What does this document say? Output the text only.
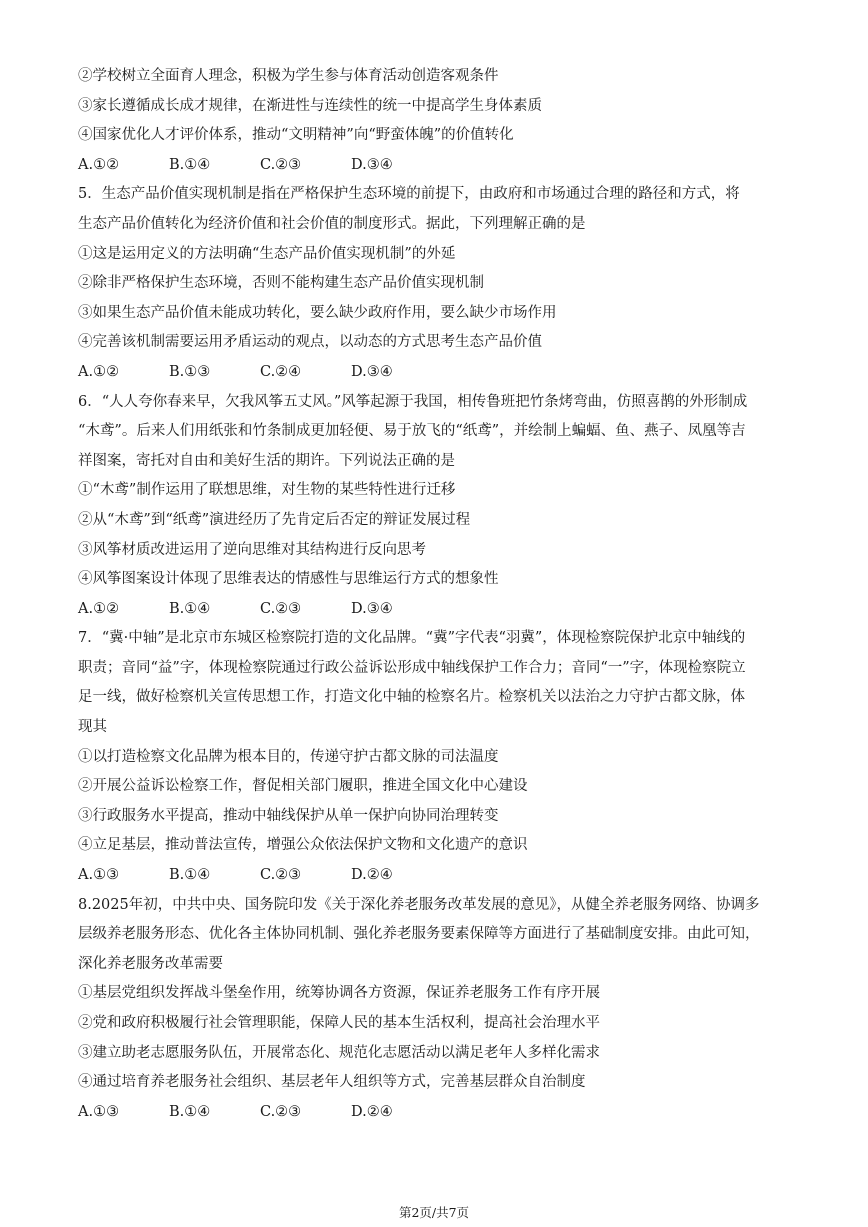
②学校树立全面育人理念，积极为学生参与体育活动创造客观条件
③家长遵循成长成才规律，在渐进性与连续性的统一中提高学生身体素质
④国家优化人才评价体系，推动“文明精神”向“野蛮体魄”的价值转化
A.①②	B.①④	C.②③	D.③④
5．生态产品价值实现机制是指在严格保护生态环境的前提下，由政府和市场通过合理的路径和方式，将
生态产品价值转化为经济价值和社会价值的制度形式。据此，下列理解正确的是
①这是运用定义的方法明确“生态产品价值实现机制”的外延
②除非严格保护生态环境，否则不能构建生态产品价值实现机制
③如果生态产品价值未能成功转化，要么缺少政府作用，要么缺少市场作用
④完善该机制需要运用矛盾运动的观点，以动态的方式思考生态产品价值
A.①②	B.①③	C.②④	D.③④
6．“人人夸你春来早，欠我风筝五丈风。”风筝起源于我国，相传鲁班把竹条烤弯曲，仿照喜鹊的外形制成
“木鸢”。后来人们用纸张和竹条制成更加轻便、易于放飞的“纸鸢”，并绘制上蝙蝠、鱼、燕子、凤凰等吉
祥图案，寄托对自由和美好生活的期许。下列说法正确的是
①“木鸢”制作运用了联想思维，对生物的某些特性进行迁移
②从“木鸢”到“纸鸢”演进经历了先肯定后否定的辩证发展过程
③风筝材质改进运用了逆向思维对其结构进行反向思考
④风筝图案设计体现了思维表达的情感性与思维运行方式的想象性
A.①②	B.①④	C.②③	D.③④
7．“冀·中轴”是北京市东城区检察院打造的文化品牌。“冀”字代表“羽冀”，体现检察院保护北京中轴线的
职责；音同“益”字，体现检察院通过行政公益诉讼形成中轴线保护工作合力；音同“一”字，体现检察院立
足一线，做好检察机关宣传思想工作，打造文化中轴的检察名片。检察机关以法治之力守护古都文脉，体
现其
①以打造检察文化品牌为根本目的，传递守护古都文脉的司法温度
②开展公益诉讼检察工作，督促相关部门履职，推进全国文化中心建设
③行政服务水平提高，推动中轴线保护从单一保护向协同治理转变
④立足基层，推动普法宣传，增强公众依法保护文物和文化遗产的意识
A.①③	B.①④	C.②③	D.②④
8.2025年初，中共中央、国务院印发《关于深化养老服务改革发展的意见》，从健全养老服务网络、协调多
层级养老服务形态、优化各主体协同机制、强化养老服务要素保障等方面进行了基础制度安排。由此可知，
深化养老服务改革需要
①基层党组织发挥战斗堡垒作用，统筹协调各方资源，保证养老服务工作有序开展
②党和政府积极履行社会管理职能，保障人民的基本生活权利，提高社会治理水平
③建立助老志愿服务队伍，开展常态化、规范化志愿活动以满足老年人多样化需求
④通过培育养老服务社会组织、基层老年人组织等方式，完善基层群众自治制度
A.①③	B.①④	C.②③	D.②④
第2页/共7页
